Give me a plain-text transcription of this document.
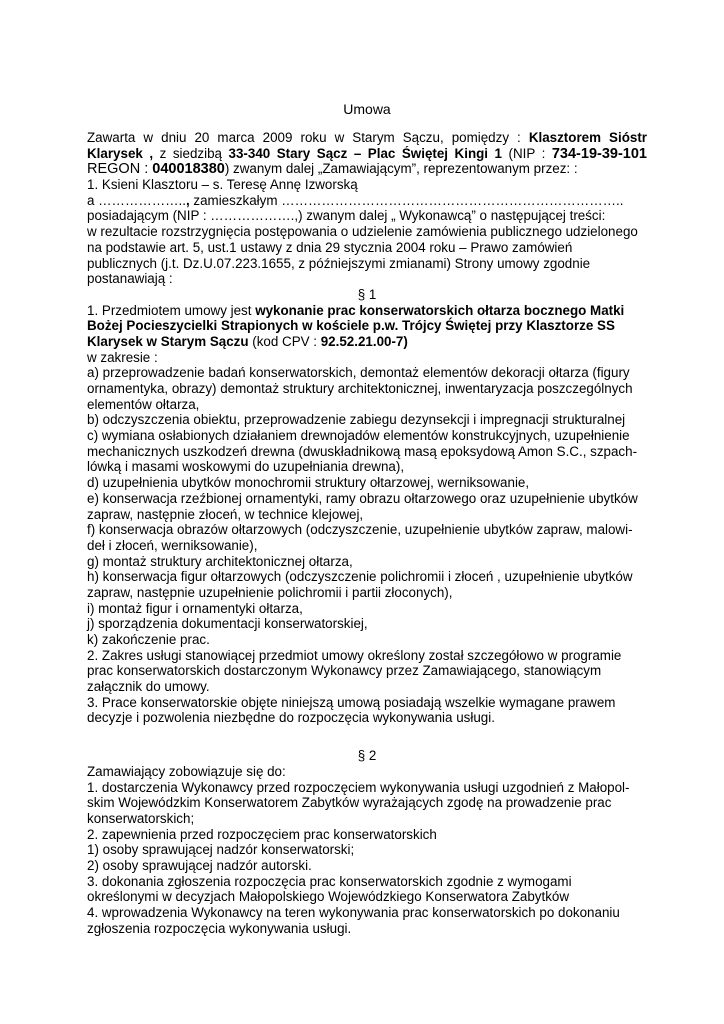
Umowa
Zawarta w dniu 20 marca 2009 roku w Starym Sączu, pomiędzy : Klasztorem Sióstr
Klarysek , z siedzibą 33-340 Stary Sącz – Plac Świętej Kingi 1 (NIP : 734-19-39-101
REGON : 040018380) zwanym dalej „Zamawiającym”, reprezentowanym przez: :
1. Ksieni Klasztoru – s. Teresę Annę Izworską
a ……………….., zamieszkałym …………………………………………………………………..
posiadającym (NIP : ……………….,) zwanym dalej „ Wykonawcą” o następującej treści:
w rezultacie rozstrzygnięcia postępowania o udzielenie zamówienia publicznego udzielonego
na podstawie art. 5, ust.1 ustawy z dnia 29 stycznia 2004 roku – Prawo zamówień
publicznych (j.t. Dz.U.07.223.1655, z późniejszymi zmianami) Strony umowy zgodnie
postanawiają :
§ 1
1. Przedmiotem umowy jest wykonanie prac konserwatorskich ołtarza bocznego Matki
Bożej Pocieszycielki Strapionych w kościele p.w. Trójcy Świętej przy Klasztorze SS
Klarysek w Starym Sączu (kod CPV : 92.52.21.00-7)
w zakresie :
a) przeprowadzenie badań konserwatorskich, demontaż elementów dekoracji ołtarza (figury
ornamentyka, obrazy) demontaż struktury architektonicznej, inwentaryzacja poszczególnych
elementów ołtarza,
b) odczyszczenia obiektu, przeprowadzenie zabiegu dezynsekcji i impregnacji strukturalnej
c) wymiana osłabionych działaniem drewnojadów elementów konstrukcyjnych, uzupełnienie
mechanicznych uszkodzeń drewna (dwuskładnikową masą epoksydową Amon S.C., szpach-
lówką i masami woskowymi do uzupełniania drewna),
d) uzupełnienia ubytków monochromii struktury ołtarzowej, werniksowanie,
e) konserwacja rzeźbionej ornamentyki, ramy obrazu ołtarzowego oraz uzupełnienie ubytków
zapraw, następnie złoceń, w technice klejowej,
f) konserwacja obrazów ołtarzowych (odczyszczenie, uzupełnienie ubytków zapraw, malowi-
deł i złoceń, werniksowanie),
g) montaż struktury architektonicznej ołtarza,
h) konserwacja figur ołtarzowych (odczyszczenie polichromii i złoceń , uzupełnienie ubytków
zapraw, następnie uzupełnienie polichromii i partii złoconych),
i) montaż figur i ornamentyki ołtarza,
j) sporządzenia dokumentacji konserwatorskiej,
k) zakończenie prac.
2. Zakres usługi stanowiącej przedmiot umowy określony został szczegółowo w programie
prac konserwatorskich dostarczonym Wykonawcy przez Zamawiającego, stanowiącym
załącznik do umowy.
3. Prace konserwatorskie objęte niniejszą umową posiadają wszelkie wymagane prawem
decyzje i pozwolenia niezbędne do rozpoczęcia wykonywania usługi.
§ 2
Zamawiający zobowiązuje się do:
1. dostarczenia Wykonawcy przed rozpoczęciem wykonywania usługi uzgodnień z Małopol-
skim Wojewódzkim Konserwatorem Zabytków wyrażających zgodę na prowadzenie prac
konserwatorskich;
2. zapewnienia przed rozpoczęciem prac konserwatorskich
1) osoby sprawującej nadzór konserwatorski;
2) osoby sprawującej nadzór autorski.
3. dokonania zgłoszenia rozpoczęcia prac konserwatorskich zgodnie z wymogami
określonymi w decyzjach Małopolskiego Wojewódzkiego Konserwatora Zabytków
4. wprowadzenia Wykonawcy na teren wykonywania prac konserwatorskich po dokonaniu
zgłoszenia rozpoczęcia wykonywania usługi.
